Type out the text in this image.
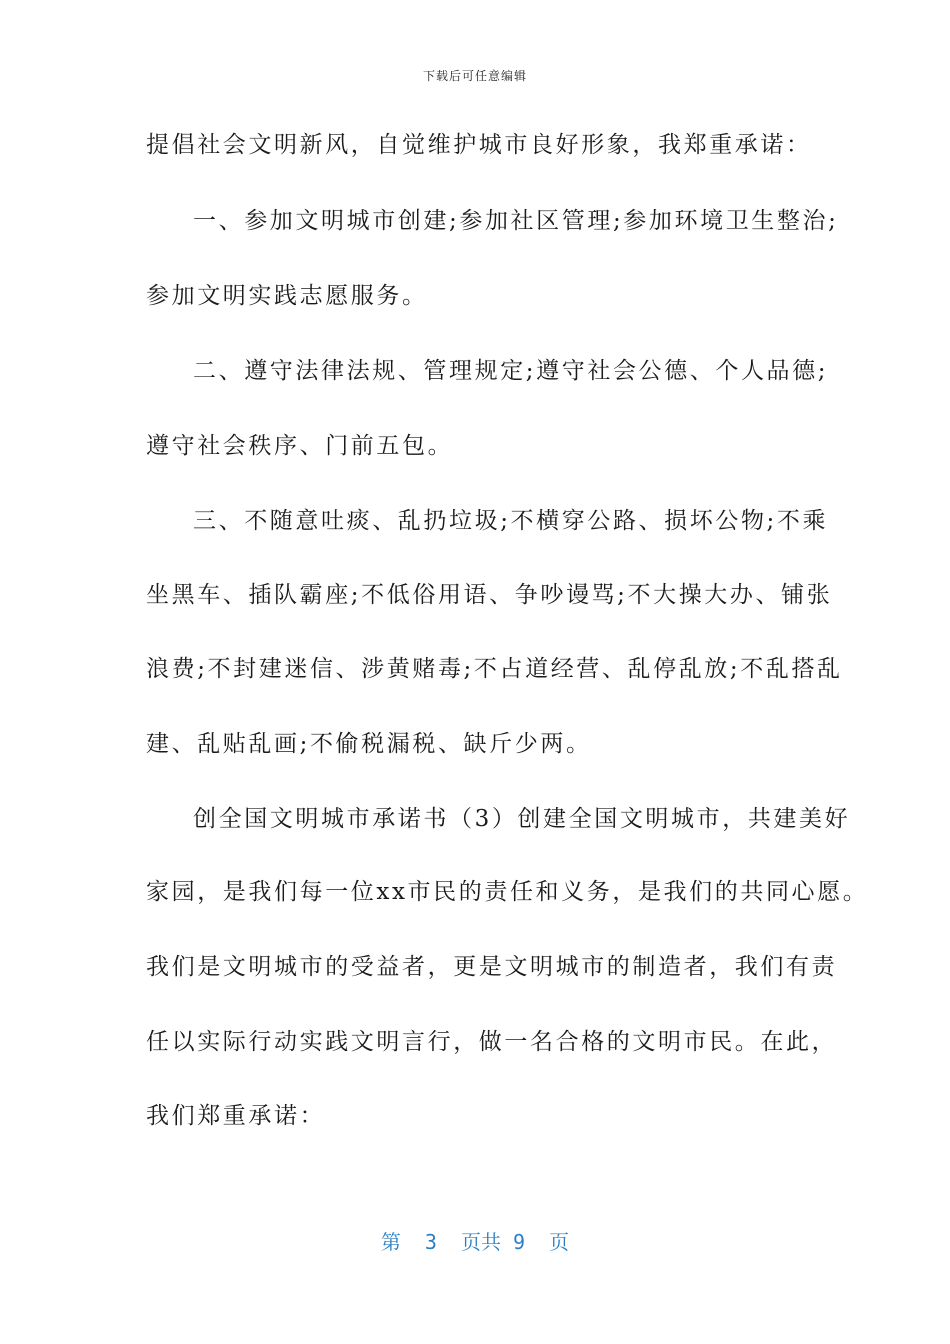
下载后可任意编辑
提倡社会文明新风，自觉维护城市良好形象，我郑重承诺：
一、参加文明城市创建;参加社区管理;参加环境卫生整治;
参加文明实践志愿服务。
二、遵守法律法规、管理规定;遵守社会公德、个人品德;
遵守社会秩序、门前五包。
三、不随意吐痰、乱扔垃圾;不横穿公路、损坏公物;不乘
坐黑车、插队霸座;不低俗用语、争吵谩骂;不大操大办、铺张
浪费;不封建迷信、涉黄赌毒;不占道经营、乱停乱放;不乱搭乱
建、乱贴乱画;不偷税漏税、缺斤少两。
创全国文明城市承诺书（3）创建全国文明城市，共建美好
家园，是我们每一位xx市民的责任和义务，是我们的共同心愿。
我们是文明城市的受益者，更是文明城市的制造者，我们有责
任以实际行动实践文明言行，做一名合格的文明市民。在此，
我们郑重承诺：
第  3  页共 9  页
